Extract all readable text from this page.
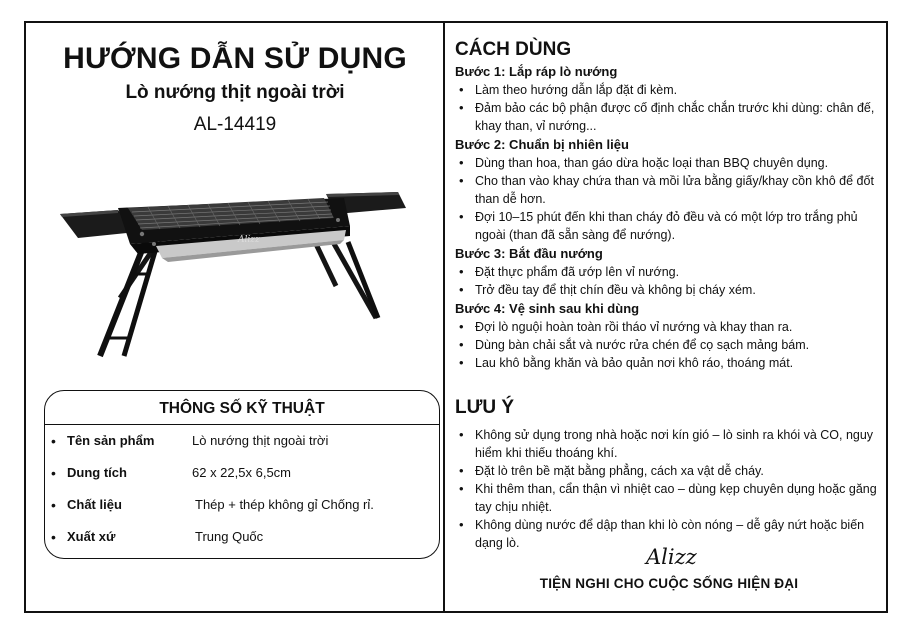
HƯỚNG DẪN SỬ DỤNG
Lò nướng thịt ngoài trời
AL-14419
Alizz
THÔNG SỐ KỸ THUẬT
• Tên sản phẩm	Lò nướng thịt ngoài trời
• Dung tích	62 x 22,5x 6,5cm
• Chất liệu	Thép + thép không gỉ Chống rỉ.
• Xuất xứ	Trung Quốc
CÁCH DÙNG
Bước 1: Lắp ráp lò nướng
• Làm theo hướng dẫn lắp đặt đi kèm.
• Đảm bảo các bộ phận được cố định chắc chắn trước khi dùng: chân đế, khay than, vỉ nướng...
Bước 2: Chuẩn bị nhiên liệu
• Dùng than hoa, than gáo dừa hoặc loại than BBQ chuyên dụng.
• Cho than vào khay chứa than và mồi lửa bằng giấy/khay cồn khô để đốt than dễ hơn.
• Đợi 10–15 phút đến khi than cháy đỏ đều và có một lớp tro trắng phủ ngoài (than đã sẵn sàng để nướng).
Bước 3: Bắt đầu nướng
• Đặt thực phẩm đã ướp lên vỉ nướng.
• Trở đều tay để thịt chín đều và không bị cháy xém.
Bước 4: Vệ sinh sau khi dùng
• Đợi lò nguội hoàn toàn rồi tháo vỉ nướng và khay than ra.
• Dùng bàn chải sắt và nước rửa chén để cọ sạch mảng bám.
• Lau khô bằng khăn và bảo quản nơi khô ráo, thoáng mát.
LƯU Ý
• Không sử dụng trong nhà hoặc nơi kín gió – lò sinh ra khói và CO, nguy hiểm khi thiếu thoáng khí.
• Đặt lò trên bề mặt bằng phẳng, cách xa vật dễ cháy.
• Khi thêm than, cẩn thận vì nhiệt cao – dùng kẹp chuyên dụng hoặc găng tay chịu nhiệt.
• Không dùng nước để dập than khi lò còn nóng – dễ gây nứt hoặc biến dạng lò.
Alizz
TIỆN NGHI CHO CUỘC SỐNG HIỆN ĐẠI
